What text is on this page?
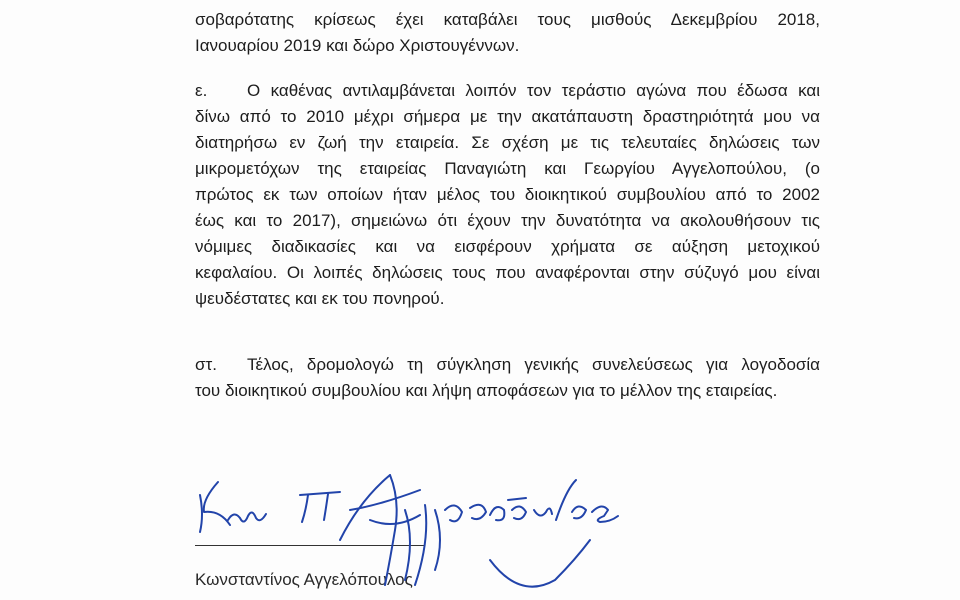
σοβαρότατης κρίσεως έχει καταβάλει τους μισθούς Δεκεμβρίου 2018,
Ιανουαρίου 2019 και δώρο Χριστουγέννων.
ε. Ο καθένας αντιλαμβάνεται λοιπόν τον τεράστιο αγώνα που έδωσα και
δίνω από το 2010 μέχρι σήμερα με την ακατάπαυστη δραστηριότητά μου να
διατηρήσω εν ζωή την εταιρεία. Σε σχέση με τις τελευταίες δηλώσεις των
μικρομετόχων της εταιρείας Παναγιώτη και Γεωργίου Αγγελοπούλου, (ο
πρώτος εκ των οποίων ήταν μέλος του διοικητικού συμβουλίου από το 2002
έως και το 2017), σημειώνω ότι έχουν την δυνατότητα να ακολουθήσουν τις
νόμιμες διαδικασίες και να εισφέρουν χρήματα σε αύξηση μετοχικού
κεφαλαίου. Οι λοιπές δηλώσεις τους που αναφέρονται στην σύζυγό μου είναι
ψευδέστατες και εκ του πονηρού.
στ. Τέλος, δρομολογώ τη σύγκληση γενικής συνελεύσεως για λογοδοσία
του διοικητικού συμβουλίου και λήψη αποφάσεων για το μέλλον της εταιρείας.
Κωνσταντίνος Αγγελόπουλος
